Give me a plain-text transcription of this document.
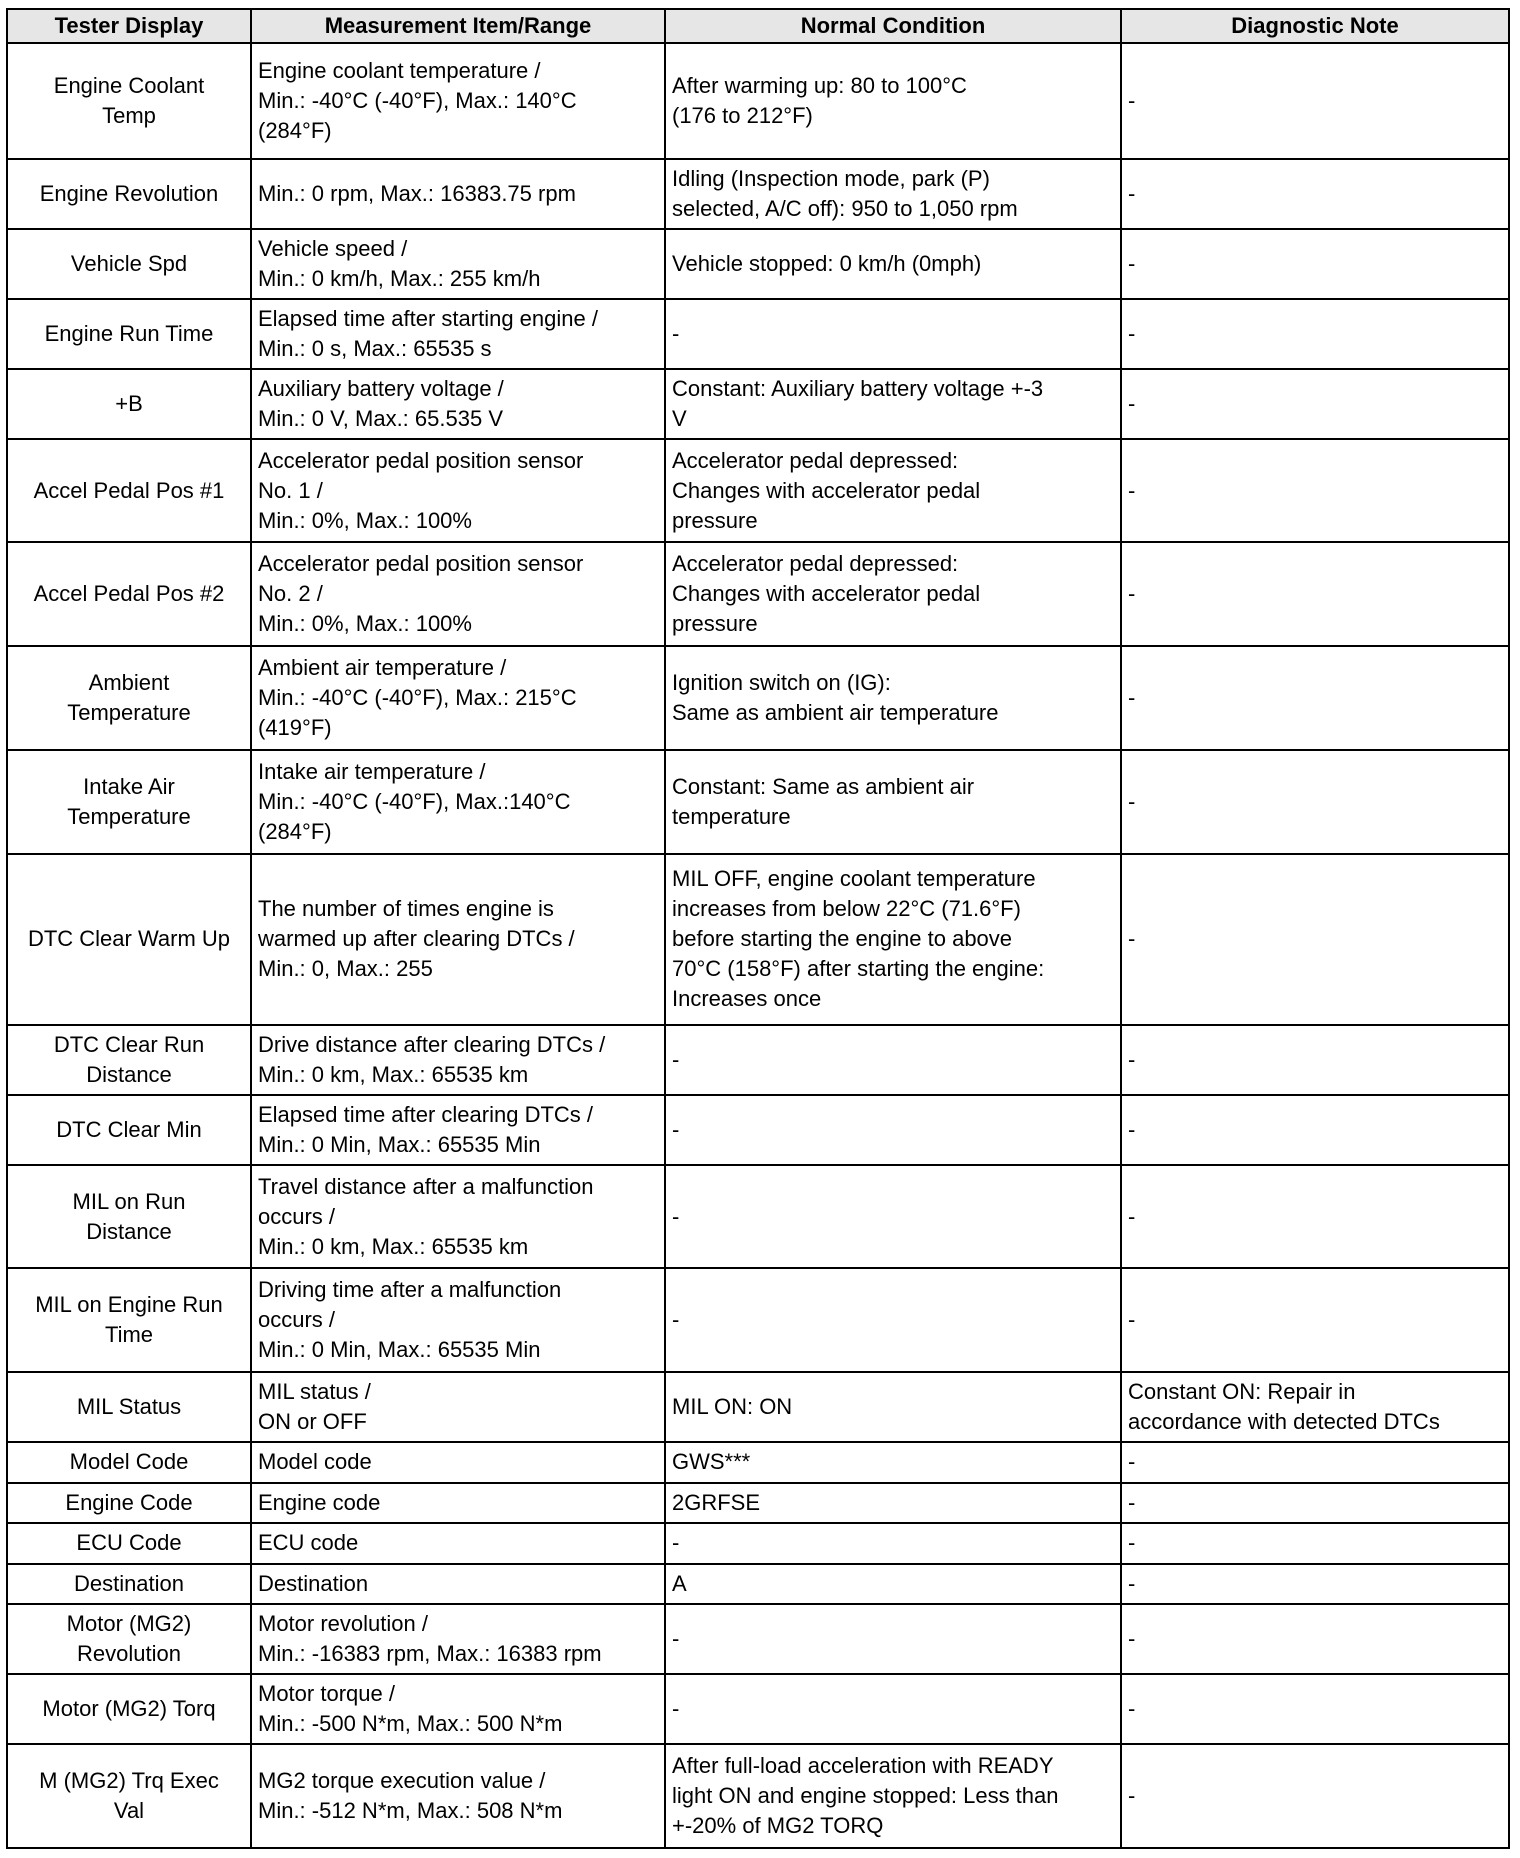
Tester Display	Measurement Item/Range	Normal Condition	Diagnostic Note
Engine Coolant
Temp	Engine coolant temperature /
Min.: -40°C (-40°F), Max.: 140°C
(284°F)	After warming up: 80 to 100°C
(176 to 212°F)	-
Engine Revolution	Min.: 0 rpm, Max.: 16383.75 rpm	Idling (Inspection mode, park (P)
selected, A/C off): 950 to 1,050 rpm	-
Vehicle Spd	Vehicle speed /
Min.: 0 km/h, Max.: 255 km/h	Vehicle stopped: 0 km/h (0mph)	-
Engine Run Time	Elapsed time after starting engine /
Min.: 0 s, Max.: 65535 s	-	-
+B	Auxiliary battery voltage /
Min.: 0 V, Max.: 65.535 V	Constant: Auxiliary battery voltage +-3
V	-
Accel Pedal Pos #1	Accelerator pedal position sensor
No. 1 /
Min.: 0%, Max.: 100%	Accelerator pedal depressed:
Changes with accelerator pedal
pressure	-
Accel Pedal Pos #2	Accelerator pedal position sensor
No. 2 /
Min.: 0%, Max.: 100%	Accelerator pedal depressed:
Changes with accelerator pedal
pressure	-
Ambient
Temperature	Ambient air temperature /
Min.: -40°C (-40°F), Max.: 215°C
(419°F)	Ignition switch on (IG):
Same as ambient air temperature	-
Intake Air
Temperature	Intake air temperature /
Min.: -40°C (-40°F), Max.:140°C
(284°F)	Constant: Same as ambient air
temperature	-
DTC Clear Warm Up	The number of times engine is
warmed up after clearing DTCs /
Min.: 0, Max.: 255	MIL OFF, engine coolant temperature
increases from below 22°C (71.6°F)
before starting the engine to above
70°C (158°F) after starting the engine:
Increases once	-
DTC Clear Run
Distance	Drive distance after clearing DTCs /
Min.: 0 km, Max.: 65535 km	-	-
DTC Clear Min	Elapsed time after clearing DTCs /
Min.: 0 Min, Max.: 65535 Min	-	-
MIL on Run
Distance	Travel distance after a malfunction
occurs /
Min.: 0 km, Max.: 65535 km	-	-
MIL on Engine Run
Time	Driving time after a malfunction
occurs /
Min.: 0 Min, Max.: 65535 Min	-	-
MIL Status	MIL status /
ON or OFF	MIL ON: ON	Constant ON: Repair in
accordance with detected DTCs
Model Code	Model code	GWS***	-
Engine Code	Engine code	2GRFSE	-
ECU Code	ECU code	-	-
Destination	Destination	A	-
Motor (MG2)
Revolution	Motor revolution /
Min.: -16383 rpm, Max.: 16383 rpm	-	-
Motor (MG2) Torq	Motor torque /
Min.: -500 N*m, Max.: 500 N*m	-	-
M (MG2) Trq Exec
Val	MG2 torque execution value /
Min.: -512 N*m, Max.: 508 N*m	After full-load acceleration with READY
light ON and engine stopped: Less than
+-20% of MG2 TORQ	-
